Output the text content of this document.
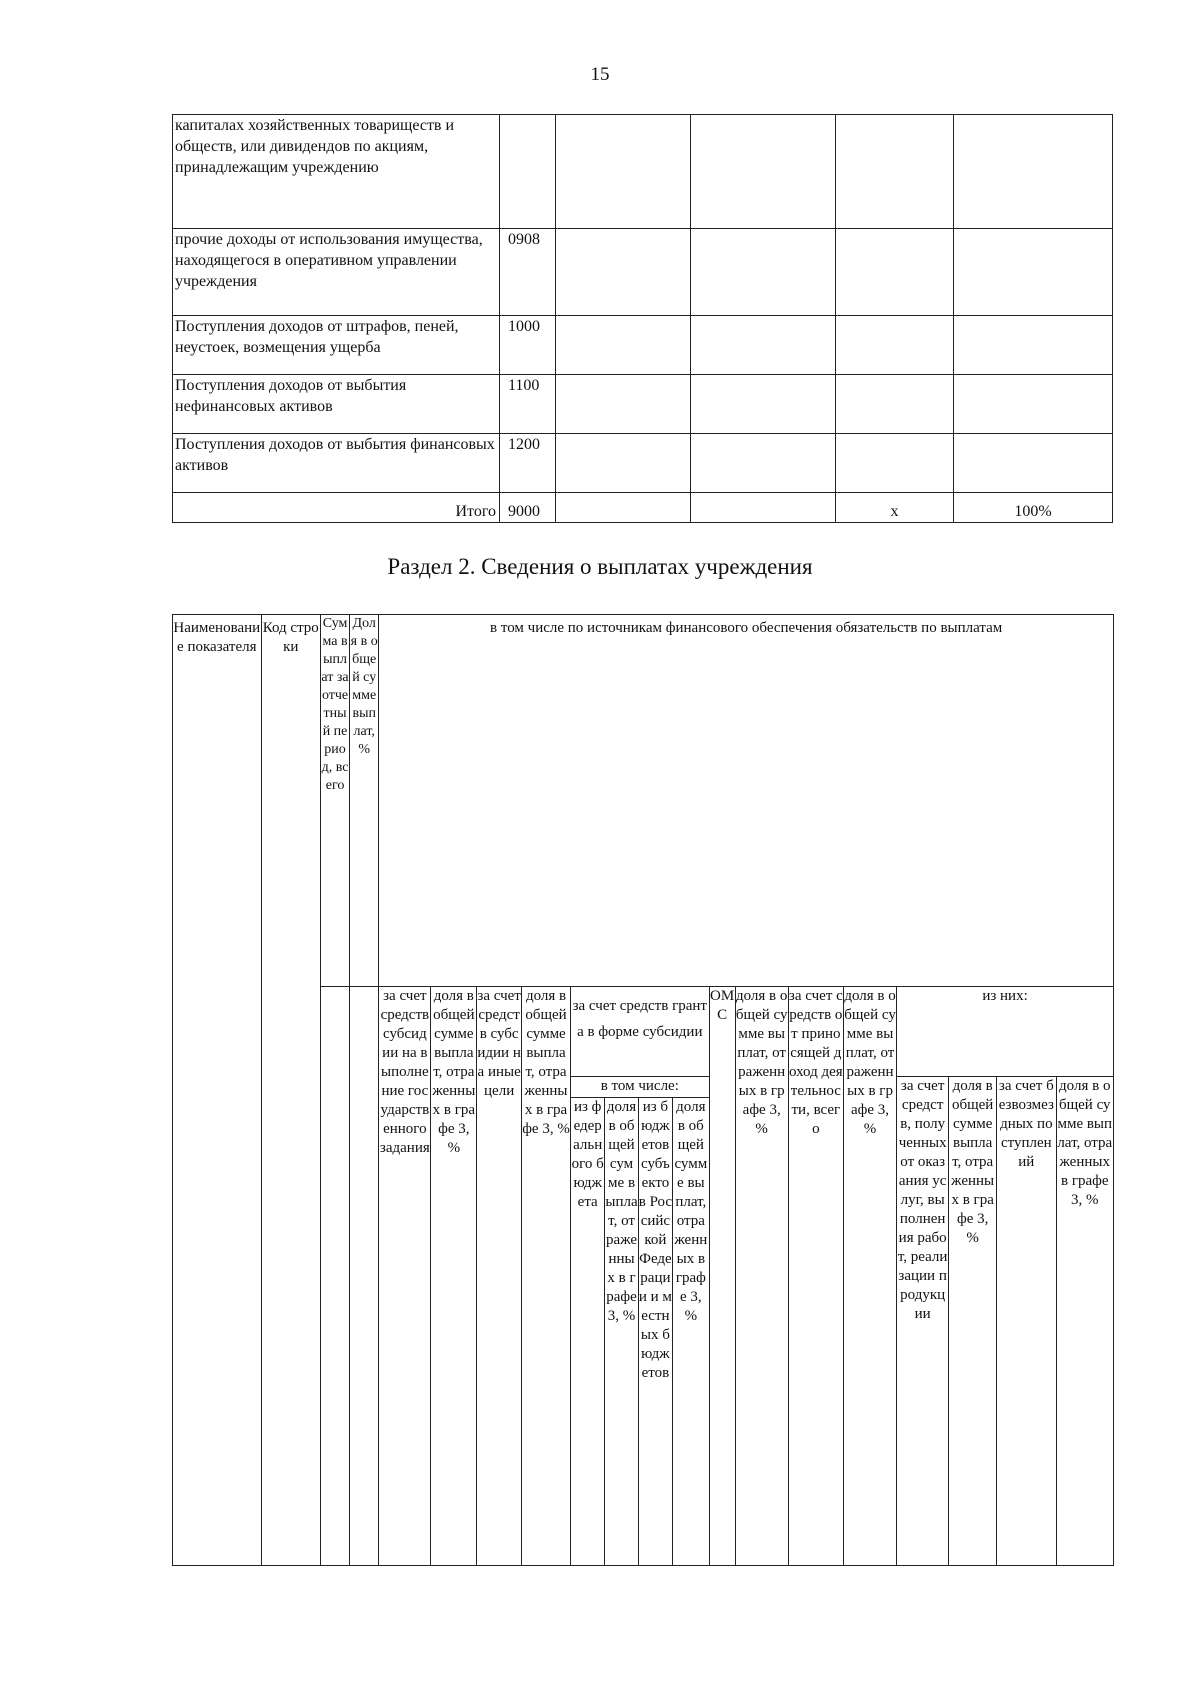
15
капиталах хозяйственных товариществ и обществ, или дивидендов по акциям, принадлежащим учреждению					
прочие доходы от использования имущества, находящегося в оперативном управлении учреждения	0908				
Поступления доходов от штрафов, пеней, неустоек, возмещения ущерба	1000				
Поступления доходов от выбытия нефинансовых активов	1100				
Поступления доходов от выбытия финансовых активов	1200				
Итого	9000			x	100%
Раздел 2. Сведения о выплатах учреждения
Наименование показателя	Код строки	Сумма выплат за отчетный период, всего	Доля в общей сумме выплат, %	в том числе по источникам финансового обеспечения обязательств по выплатам															
				за счет средств субсидии на выполнение государственного задания	доля в общей сумме выплат, отраженных в графе 3, %	за счет средств субсидии на иные цели	доля в общей сумме выплат, отраженных в графе 3, %	за счет средств гранта в форме субсидии				ОМС	доля в общей сумме выплат, отраженных в графе 3, %	за счет средств от приносящей доход деятельности, всего	доля в общей сумме выплат, отраженных в графе 3, %	из них:			
								в том числе:								за счет средств, полученных от оказания услуг, выполнения работ, реализации продукции	доля в общей сумме выплат, отраженных в графе 3, %	за счет безвозмездных поступлений	доля в общей сумме выплат, отраженных в графе 3, %
								из федерального бюджета	доля в общей сумме выплат, отраженных в графе 3, %	из бюджетов субъектов Российской Федерации и местных бюджетов	доля в общей сумме выплат, отраженных в графе 3, %								
